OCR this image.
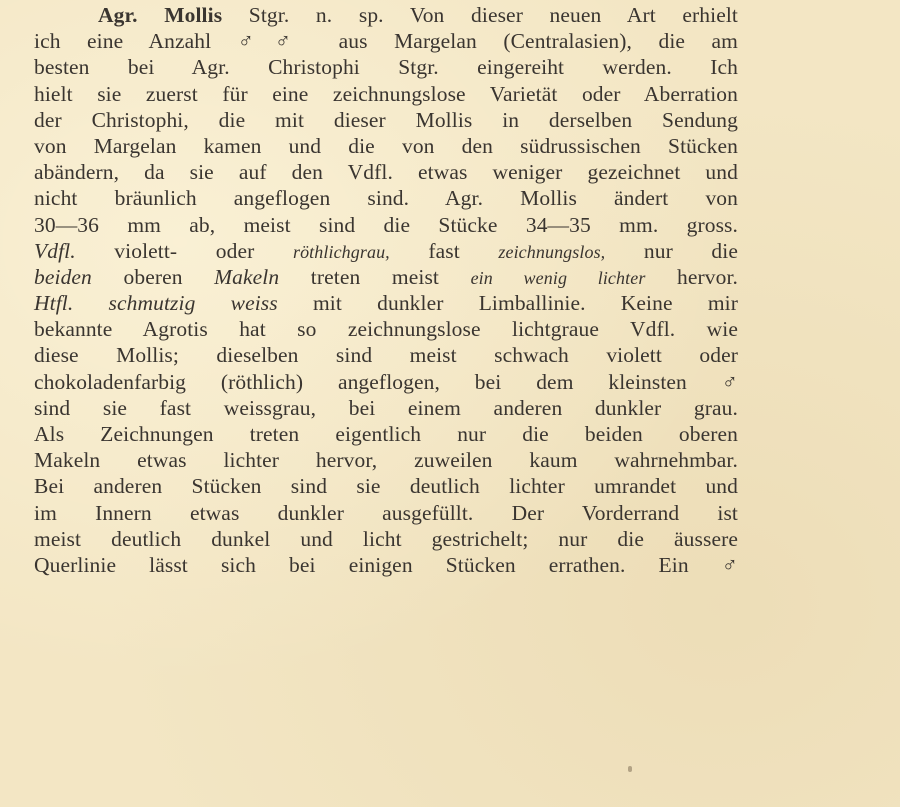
Agr. Mollis Stgr. n. sp. Von dieser neuen Art erhielt
ich eine Anzahl ♂♂ aus Margelan (Centralasien), die am
besten bei Agr. Christophi Stgr. eingereiht werden. Ich
hielt sie zuerst für eine zeichnungslose Varietät oder Aberration
der Christophi, die mit dieser Mollis in derselben Sendung
von Margelan kamen und die von den südrussischen Stücken
abändern, da sie auf den Vdfl. etwas weniger gezeichnet und
nicht bräunlich angeflogen sind. Agr. Mollis ändert von
30—36 mm ab, meist sind die Stücke 34—35 mm. gross.
Vdfl. violett- oder röthlichgrau, fast zeichnungslos, nur die
beiden oberen Makeln treten meist ein wenig lichter hervor.
Htfl. schmutzig weiss mit dunkler Limballinie. Keine mir
bekannte Agrotis hat so zeichnungslose lichtgraue Vdfl. wie
diese Mollis; dieselben sind meist schwach violett oder
chokoladenfarbig (röthlich) angeflogen, bei dem kleinsten ♂
sind sie fast weissgrau, bei einem anderen dunkler grau.
Als Zeichnungen treten eigentlich nur die beiden oberen
Makeln etwas lichter hervor, zuweilen kaum wahrnehmbar.
Bei anderen Stücken sind sie deutlich lichter umrandet und
im Innern etwas dunkler ausgefüllt. Der Vorderrand ist
meist deutlich dunkel und licht gestrichelt; nur die äussere
Querlinie lässt sich bei einigen Stücken errathen. Ein ♂
